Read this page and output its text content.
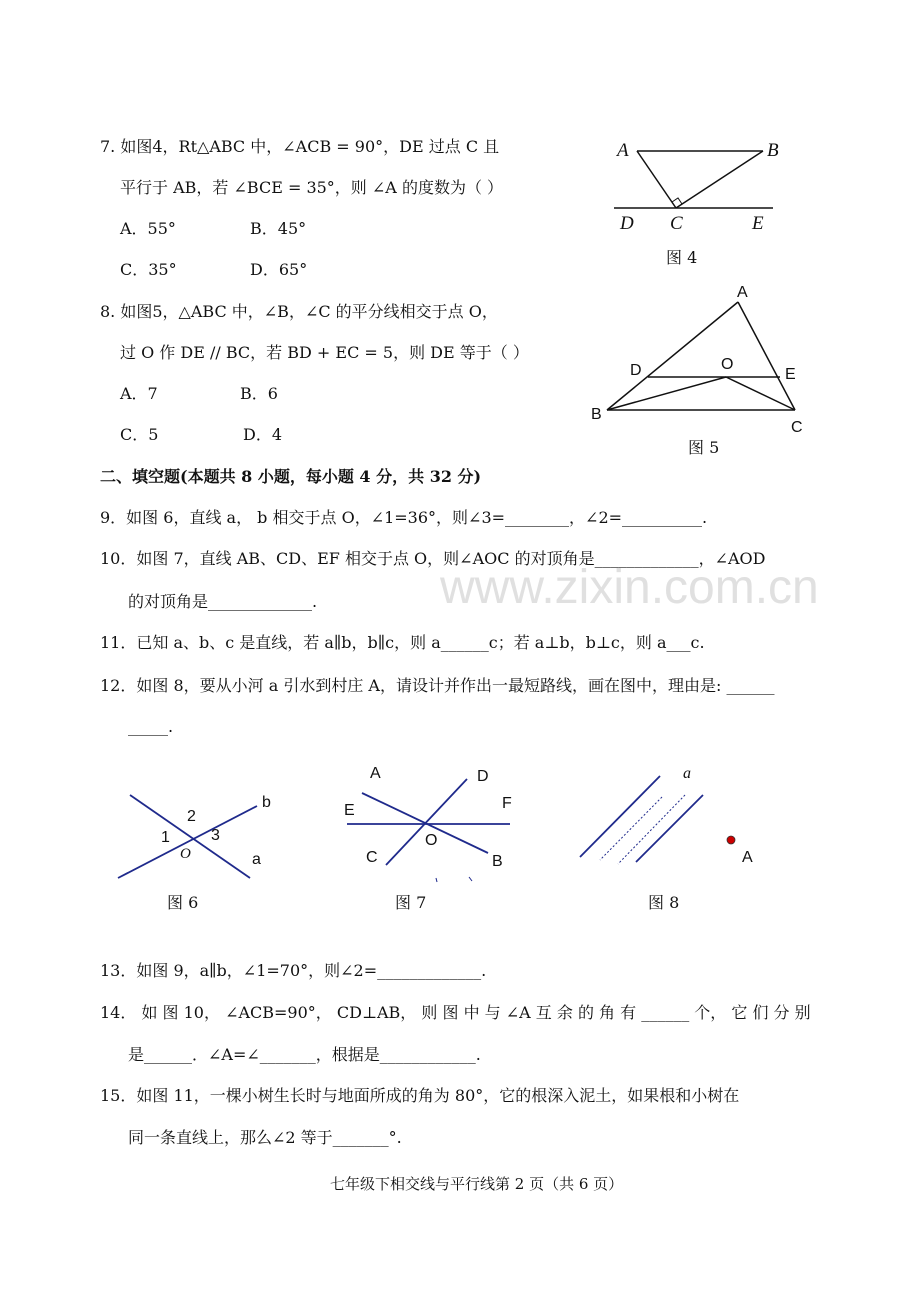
www.zixin.com.cn
7. 如图4，Rt△ABC 中，∠ACB = 90°，DE 过点 C 且
平行于 AB，若 ∠BCE = 35°，则 ∠A 的度数为（ ）
A．55°	B．45°
C．35°	D．65°
8. 如图5，△ABC 中，∠B，∠C 的平分线相交于点 O，
过 O 作 DE // BC，若 BD + EC = 5，则 DE 等于（ ）
A．7	B．6
C．5	D．4
二、填空题(本题共 8 小题，每小题 4 分，共 32 分)
9．如图 6，直线 a， b 相交于点 O，∠1=36°，则∠3=________，∠2=__________.
10．如图 7，直线 AB、CD、EF 相交于点 O，则∠AOC 的对顶角是_____________，∠AOD
的对顶角是_____________.
11．已知 a、b、c 是直线，若 a∥b，b∥c，则 a______c；若 a⊥b，b⊥c，则 a___c.
12．如图 8，要从小河 a 引水到村庄 A，请设计并作出一最短路线，画在图中，理由是: ______
_____.
13．如图 9，a∥b，∠1=70°，则∠2=_____________.
14． 如 图 10， ∠ACB=90°， CD⊥AB， 则 图 中 与 ∠A 互 余 的 角 有 ______ 个， 它 们 分 别
是______．∠A=∠_______，根据是____________.
15．如图 11，一棵小树生长时与地面所成的角为 80°，它的根深入泥土，如果根和小树在
同一条直线上，那么∠2 等于_______°.
七年级下相交线与平行线第 2 页（共 6 页）
A	B
C
D	E
图 4
A
D	O
E
B
C
图 5
b
2
1	3
O	a
图 6
A	D
E	F
O
C	B
图 7
a
A
图 8
